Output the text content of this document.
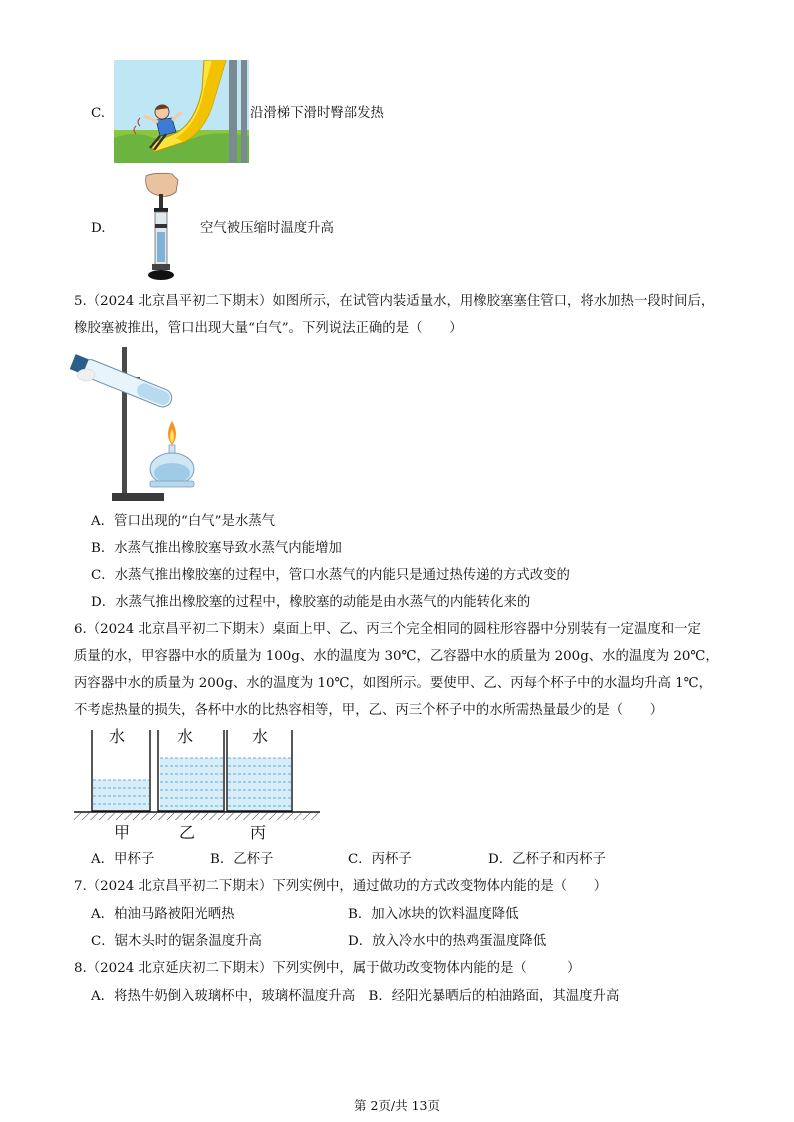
C.	沿滑梯下滑时臀部发热
D.	空气被压缩时温度升高
5.（2024 北京昌平初二下期末）如图所示，在试管内装适量水，用橡胶塞塞住管口，将水加热一段时间后，
橡胶塞被推出，管口出现大量“白气”。下列说法正确的是（　　）
A．管口出现的“白气”是水蒸气
B．水蒸气推出橡胶塞导致水蒸气内能增加
C．水蒸气推出橡胶塞的过程中，管口水蒸气的内能只是通过热传递的方式改变的
D．水蒸气推出橡胶塞的过程中，橡胶塞的动能是由水蒸气的内能转化来的
6.（2024 北京昌平初二下期末）桌面上甲、乙、丙三个完全相同的圆柱形容器中分别装有一定温度和一定
质量的水，甲容器中水的质量为 100g、水的温度为 30℃，乙容器中水的质量为 200g、水的温度为 20℃，
丙容器中水的质量为 200g、水的温度为 10℃，如图所示。要使甲、乙、丙每个杯子中的水温均升高 1℃，
不考虑热量的损失，各杯中水的比热容相等，甲，乙、丙三个杯子中的水所需热量最少的是（　　）
水	水	水
甲	乙	丙
A．甲杯子	B．乙杯子	C．丙杯子	D．乙杯子和丙杯子
7.（2024 北京昌平初二下期末）下列实例中，通过做功的方式改变物体内能的是（　　）
A．柏油马路被阳光晒热	B．加入冰块的饮料温度降低
C．锯木头时的锯条温度升高	D．放入冷水中的热鸡蛋温度降低
8.（2024 北京延庆初二下期末）下列实例中，属于做功改变物体内能的是（　　　）
A．将热牛奶倒入玻璃杯中，玻璃杯温度升高　B．经阳光暴晒后的柏油路面，其温度升高
第 2页/共 13页
